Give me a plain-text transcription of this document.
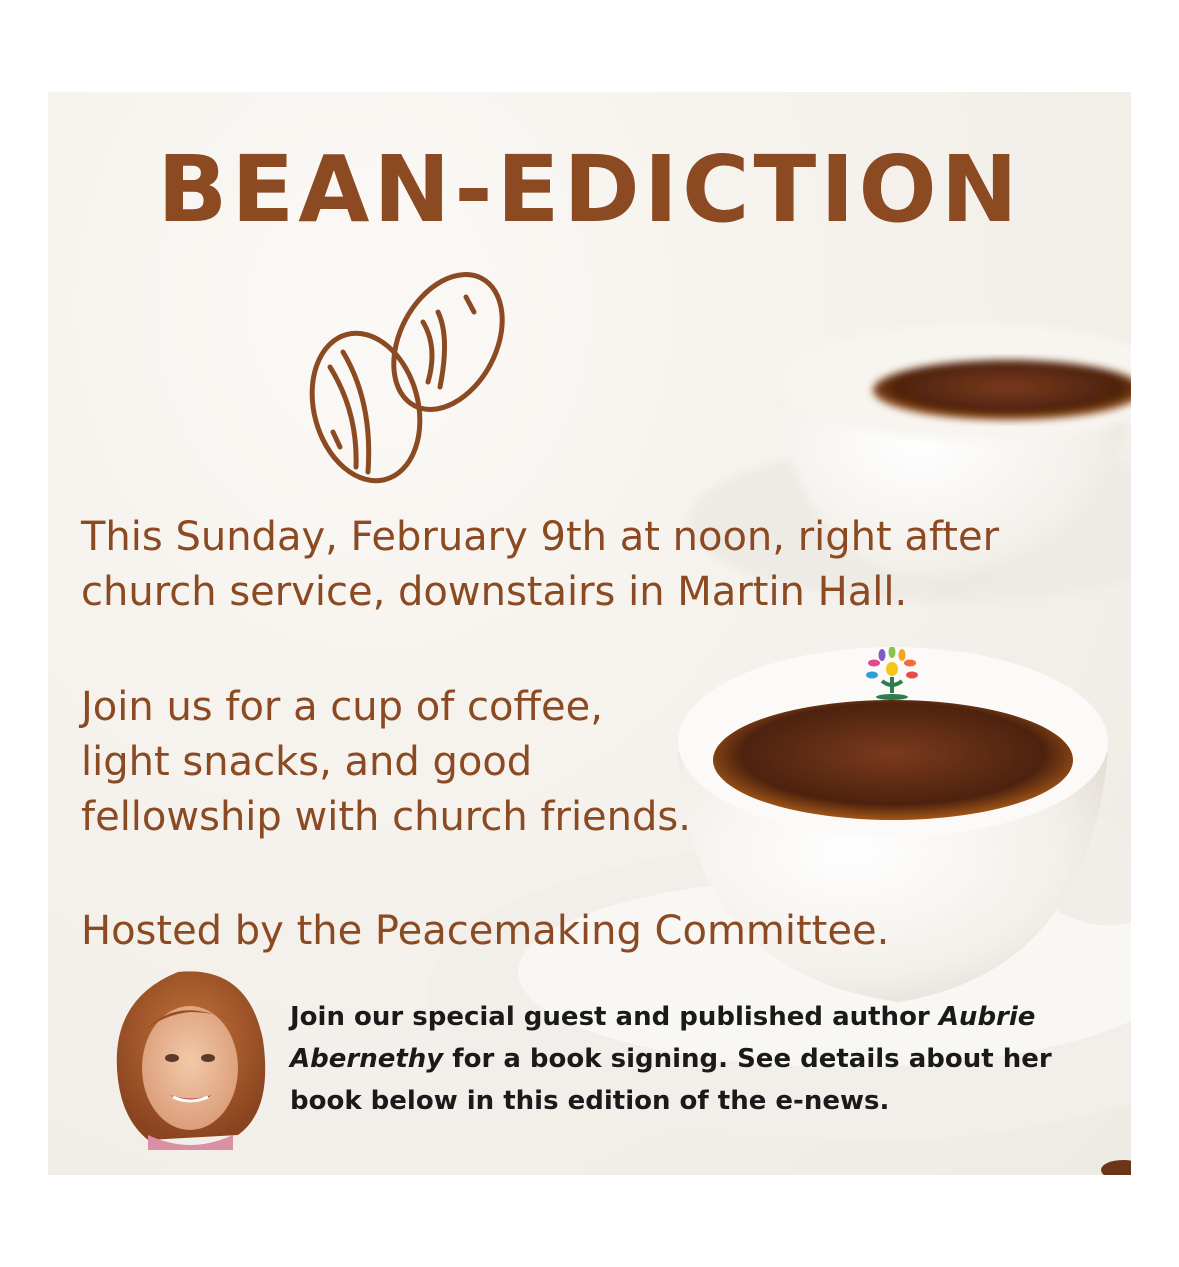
BEAN-EDICTION

This Sunday, February 9th at noon, right after

church service, downstairs in Martin Hall.

Join us for a cup of coffee,

light snacks, and good

fellowship with church friends.

Hosted by the Peacemaking Committee.

Join our special guest and published author Aubrie Abernethy for a book signing. See details about her
book below in this edition of the e-news.
